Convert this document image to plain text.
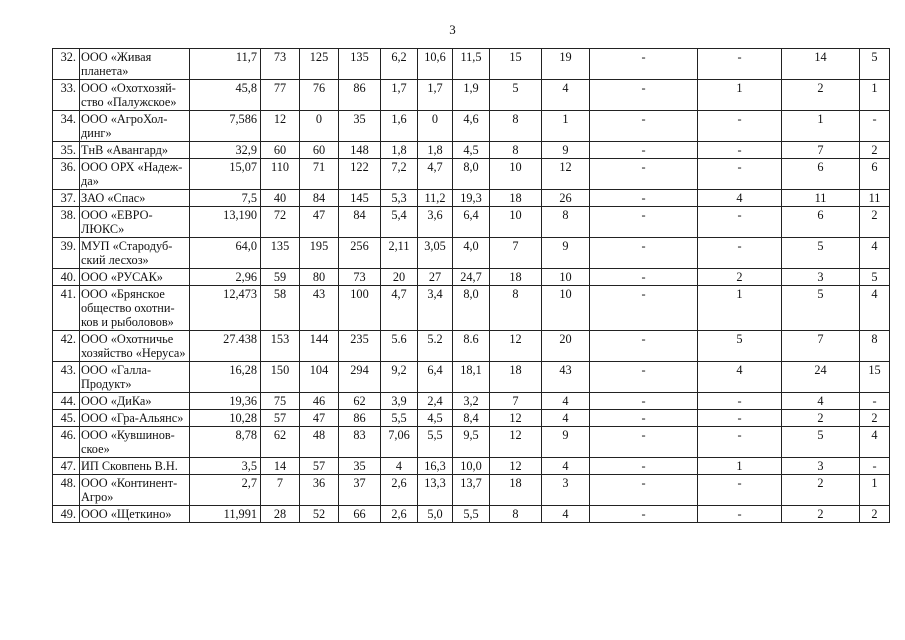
3
32.	ООО «Живая планета»	11,7	73	125	135	6,2	10,6	11,5	15	19	-	-	14	5
33.	ООО «Охотхозяй-ство «Палужское»	45,8	77	76	86	1,7	1,7	1,9	5	4	-	1	2	1
34.	ООО «АгроХол-динг»	7,586	12	0	35	1,6	0	4,6	8	1	-	-	1	-
35.	ТнВ «Авангард»	32,9	60	60	148	1,8	1,8	4,5	8	9	-	-	7	2
36.	ООО ОРХ «Надеж-да»	15,07	110	71	122	7,2	4,7	8,0	10	12	-	-	6	6
37.	ЗАО «Спас»	7,5	40	84	145	5,3	11,2	19,3	18	26	-	4	11	11
38.	ООО «ЕВРО-ЛЮКС»	13,190	72	47	84	5,4	3,6	6,4	10	8	-	-	6	2
39.	МУП «Стародуб-ский лесхоз»	64,0	135	195	256	2,11	3,05	4,0	7	9	-	-	5	4
40.	ООО «РУСАК»	2,96	59	80	73	20	27	24,7	18	10	-	2	3	5
41.	ООО «Брянское общество охотни-ков и рыболовов»	12,473	58	43	100	4,7	3,4	8,0	8	10	-	1	5	4
42.	ООО «Охотничье хозяйство «Неруса»	27.438	153	144	235	5.6	5.2	8.6	12	20	-	5	7	8
43.	ООО «Галла-Продукт»	16,28	150	104	294	9,2	6,4	18,1	18	43	-	4	24	15
44.	ООО «ДиКа»	19,36	75	46	62	3,9	2,4	3,2	7	4	-	-	4	-
45.	ООО «Гра-Альянс»	10,28	57	47	86	5,5	4,5	8,4	12	4	-	-	2	2
46.	ООО «Кувшинов-ское»	8,78	62	48	83	7,06	5,5	9,5	12	9	-	-	5	4
47.	ИП Сковпень В.Н.	3,5	14	57	35	4	16,3	10,0	12	4	-	1	3	-
48.	ООО «Континент-Агро»	2,7	7	36	37	2,6	13,3	13,7	18	3	-	-	2	1
49.	ООО «Щеткино»	11,991	28	52	66	2,6	5,0	5,5	8	4	-	-	2	2
